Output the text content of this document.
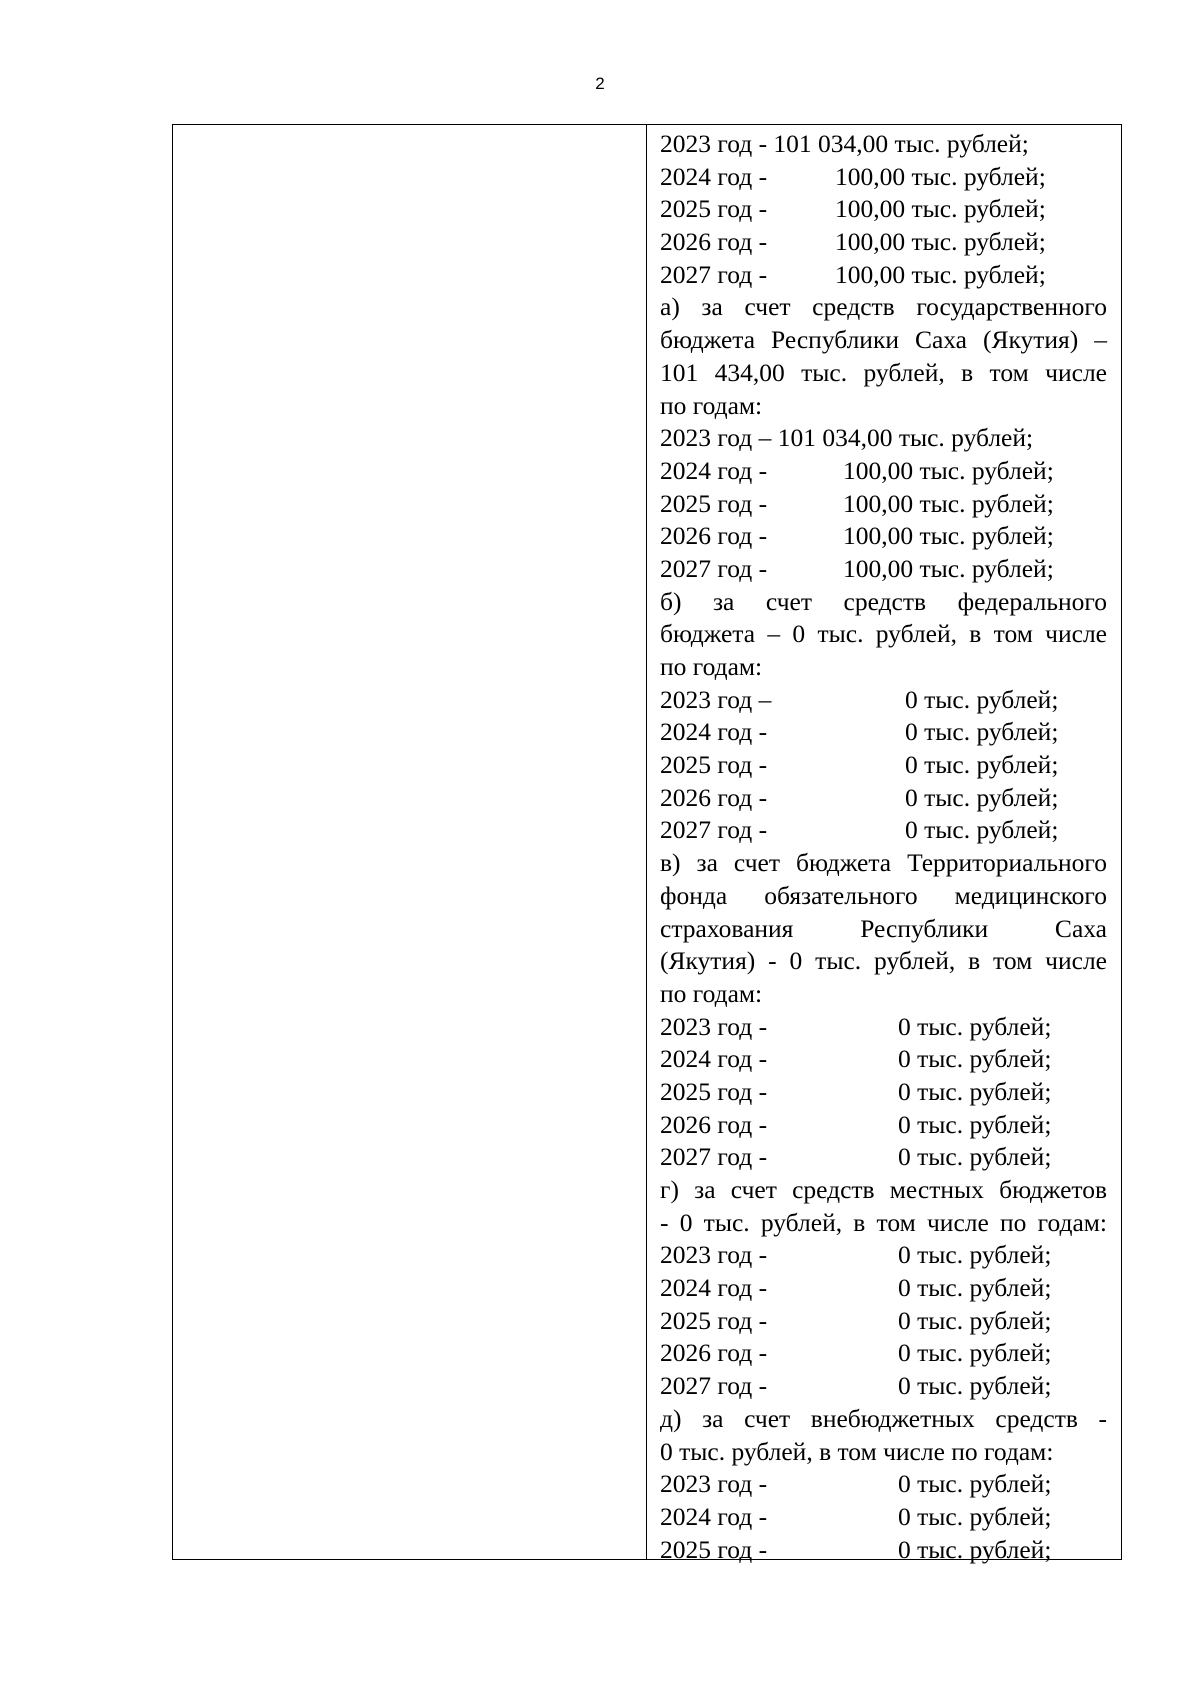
2
2023 год - 101 034,00 тыс. рублей;
2024 год -	100,00 тыс. рублей;
2025 год -	100,00 тыс. рублей;
2026 год -	100,00 тыс. рублей;
2027 год -	100,00 тыс. рублей;
а) за счет средств государственного
бюджета Республики Саха (Якутия) –
101 434,00 тыс. рублей, в том числе
по годам:
2023 год – 101 034,00 тыс. рублей;
2024 год -	100,00 тыс. рублей;
2025 год -	100,00 тыс. рублей;
2026 год -	100,00 тыс. рублей;
2027 год -	100,00 тыс. рублей;
б) за счет средств федерального
бюджета – 0 тыс. рублей, в том числе
по годам:
2023 год –	0 тыс. рублей;
2024 год -	0 тыс. рублей;
2025 год -	0 тыс. рублей;
2026 год -	0 тыс. рублей;
2027 год -	0 тыс. рублей;
в) за счет бюджета Территориального
фонда обязательного медицинского
страхования Республики Саха
(Якутия) - 0 тыс. рублей, в том числе
по годам:
2023 год -	0 тыс. рублей;
2024 год -	0 тыс. рублей;
2025 год -	0 тыс. рублей;
2026 год -	0 тыс. рублей;
2027 год -	0 тыс. рублей;
г) за счет средств местных бюджетов
- 0 тыс. рублей, в том числе по годам:
2023 год -	0 тыс. рублей;
2024 год -	0 тыс. рублей;
2025 год -	0 тыс. рублей;
2026 год -	0 тыс. рублей;
2027 год -	0 тыс. рублей;
д) за счет внебюджетных средств -
0 тыс. рублей, в том числе по годам:
2023 год -	0 тыс. рублей;
2024 год -	0 тыс. рублей;
2025 год -	0 тыс. рублей;
